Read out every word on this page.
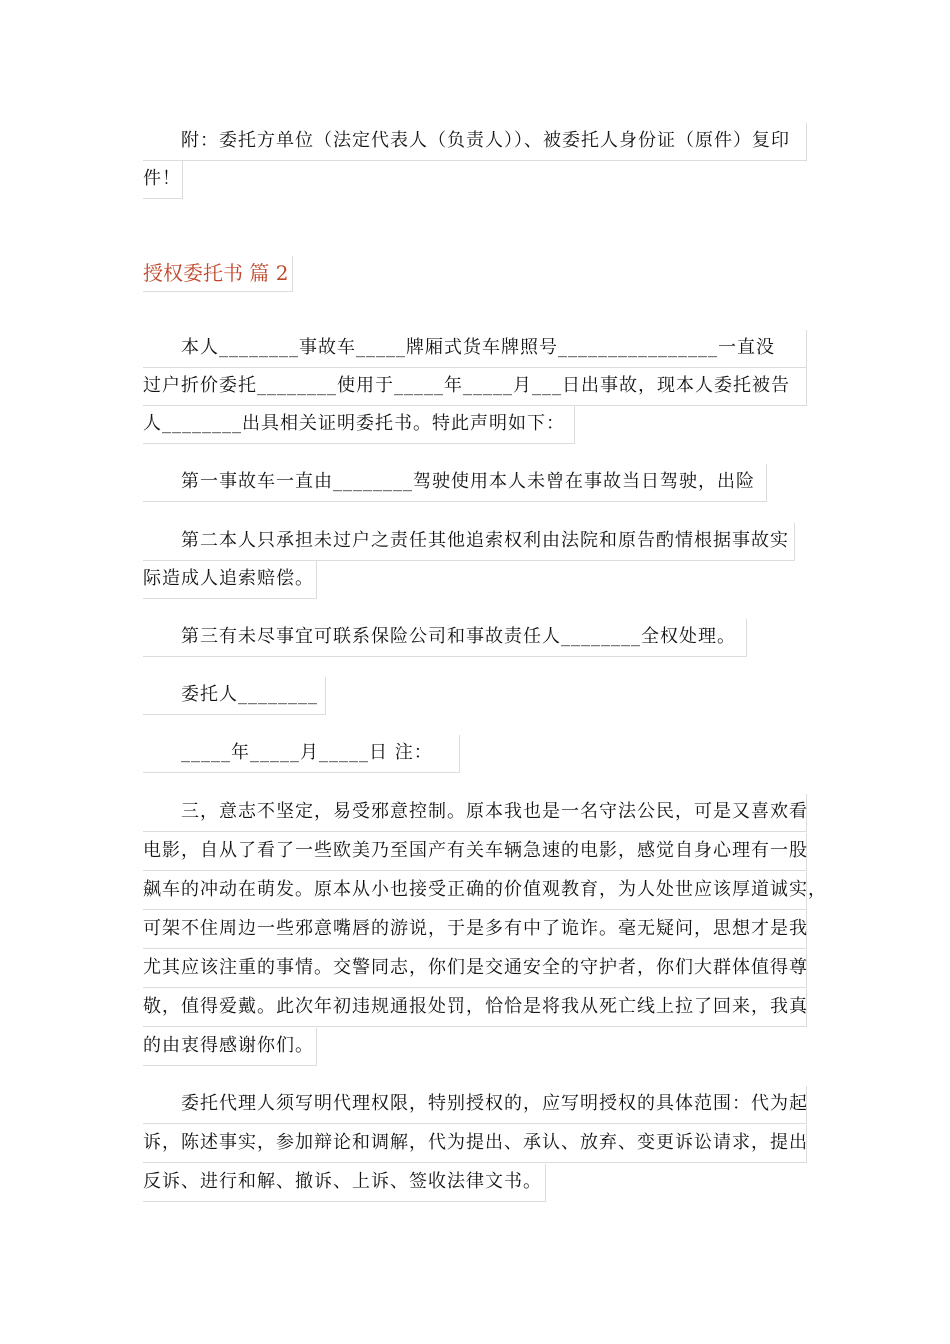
附：委托方单位（法定代表人（负责人））、被委托人身份证（原件）复印
件！
授权委托书 篇 2
本人________事故车_____牌厢式货车牌照号________________一直没
过户折价委托________使用于_____年_____月___日出事故，现本人委托被告
人________出具相关证明委托书。特此声明如下：
第一事故车一直由________驾驶使用本人未曾在事故当日驾驶，出险
第二本人只承担未过户之责任其他追索权利由法院和原告酌情根据事故实
际造成人追索赔偿。
第三有未尽事宜可联系保险公司和事故责任人________全权处理。
委托人________
_____年_____月_____日 注：
三，意志不坚定，易受邪意控制。原本我也是一名守法公民，可是又喜欢看
电影，自从了看了一些欧美乃至国产有关车辆急速的电影，感觉自身心理有一股
飙车的冲动在萌发。原本从小也接受正确的价值观教育，为人处世应该厚道诚实，
可架不住周边一些邪意嘴唇的游说，于是多有中了诡诈。毫无疑问，思想才是我
尤其应该注重的事情。交警同志，你们是交通安全的守护者，你们大群体值得尊
敬，值得爱戴。此次年初违规通报处罚，恰恰是将我从死亡线上拉了回来，我真
的由衷得感谢你们。
委托代理人须写明代理权限，特别授权的，应写明授权的具体范围：代为起
诉，陈述事实，参加辩论和调解，代为提出、承认、放弃、变更诉讼请求，提出
反诉、进行和解、撤诉、上诉、签收法律文书。
